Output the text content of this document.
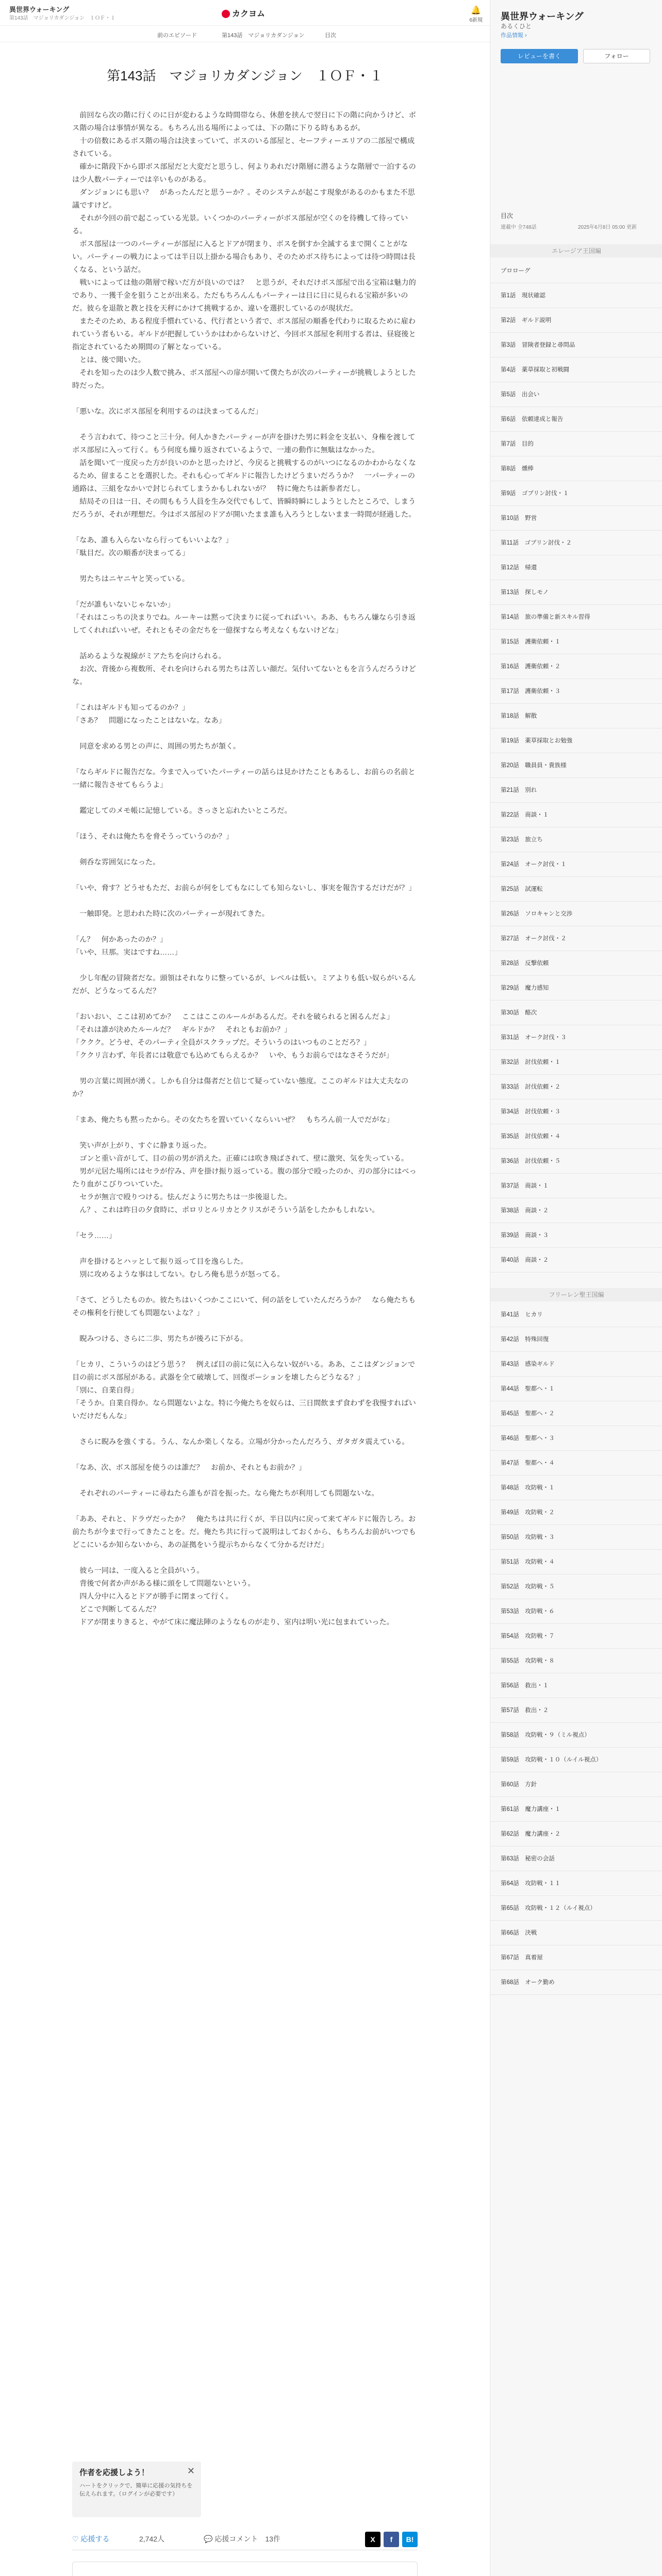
異世界ウォーキング
第143話　マジョリカダンジョン　１ＯＦ・１	カクヨム	🔔
6新規
前のエピソード	第143話　マジョリカダンジョン	目次
第143話　マジョリカダンジョン　１ＯＦ・１

　前回なら次の階に行くのに日が変わるような時間帯なら、休憩を挟んで翌日に下の階に向かうけど、ボス階の場合は事情が異なる。もちろん出る場所によっては、下の階に下りる時もあるが。

　十の倍数にあるボス階の場合は決まっていて、ボスのいる部屋と、セーフティーエリアの二部屋で構成されている。

　確かに階段下から即ボス部屋だと大変だと思うし、何よりあれだけ階層に潜るような階層で一泊するのは少人数パーティーでは辛いものがある。

　ダンジョンにも思い？　があったんだと思うーか？。そのシステムが起こす現象があるのかもまた不思議ですけど。

　それが今回の前で起こっている光景。いくつかのパーティーがボス部屋が空くのを待機して待っている。

　ボス部屋は一つのパーティーが部屋に入るとドアが閉まり、ボスを倒すか全滅するまで開くことがない。パーティーの戦力によっては半日以上掛かる場合もあり、そのためボス待ちによっては待つ時間は長くなる、という話だ。

　戦いによっては他の階層で稼いだ方が良いのでは？　と思うが、それだけボス部屋で出る宝箱は魅力的であり、一獲千金を狙うことが出来る。ただもちろんんもパーティーは日に日に見られる宝箱が多いのだ。彼らを退散と教と技を天秤にかけて挑戦するか、違いを選択しているのが現状だ。

　またそのため、ある程度手慣れている、代行者という者で、ボス部屋の順番を代わりに取るために雇われていう者もいる。ギルドが把握していうかはわからないけど、今回ボス部屋を利用する者は、昼寝後と指定されているため期間の了解となっている。

　とは、後で聞いた。

　それを知ったのは少人数で挑み、ボス部屋への扉が開いて僕たちが次のパーティーが挑戦しようとした時だった。

「悪いな。次にボス部屋を利用するのは決まってるんだ」

　そう言われて、待つこと三十分。何人かきたパーティーが声を掛けた男に料金を支払い、身権を渡してボス部屋に入って行く。もう何度も繰り返されているようで、一連の動作に無駄はなかった。

　話を聞いて一度戻った方が良いのかと思ったけど、今戻ると挑戦するのがいつになるのかわからなくなるため、留まることを選択した。それも心ってギルドに報告したけどうまいだろうか？　一パーティーの通路は、三組をなかいで封じられてしまうかもしれないが？　特に俺たちは新参者だし。

　結局その日は一日、その間ももう人員を生み交代でもして、皆瞬時瞬にしようとしたところで、しまうだろうが、それが理想だ。今はボス部屋のドアが開いたまま誰も入ろうとしないまま一時間が経過した。

「なあ、誰も入らないなら行ってもいいよな？」

「駄目だ。次の順番が決まってる」

　男たちはニヤニヤと笑っている。

「だが誰もいないじゃないか」

「それはこっちの決まりでね。ルーキーは黙って決まりに従ってればいい。ああ、もちろん嫌なら引き返してくれればいいぜ。それともその金だちを一億探すなら考えなくもないけどな」

　話めるような視線がミアたちを向けられる。

　お次、背後から複数所、それを向けられる男たちは苦しい顔だ。気付いてないともを言うんだろうけどな。

「これはギルドも知ってるのか？」

「さあ？　問題になったことはないな。なあ」

　同意を求める男との声に、周囲の男たちが頷く。

「ならギルドに報告だな。今まで入っていたパーティーの話らは見かけたこともあるし、お前らの名前と一緒に報告させてもらうよ」

　鑑定してのメモ帳に記憶している。さっさと忘れたいところだ。

「ほう、それは俺たちを脅そうっていうのか？」

　剣呑な雰囲気になった。

「いや、脅す？どうせもただ、お前らが何をしてもなにしても知らないし、事実を報告するだけだが？」

　一触即発。と思われた時に次のパーティーが現れてきた。

「ん？　何かあったのか？」

「いや、旦那。実はですね……」

　少し年配の冒険者だな。頭領はそれなりに整っているが、レベルは低い。ミアよりも低い奴らがいるんだが、どうなってるんだ？

「おいおい、ここは初めてか？　ここはここのルールがあるんだ。それを破られると困るんだよ」

「それは誰が決めたルールだ？　ギルドか？　それともお前か？」

「ククク。どうせ、そのパーティ全員がスクラップだ。そういうのはいつものことだろ？」

「ククリ言わず、年長者には敬意でも込めてもらえるか？　いや、もうお前らではなさそうだが」

　男の言葉に周囲が湧く。しかも自分は傷者だと信じて疑っていない態度。ここのギルドは大丈夫なのか？

「まあ、俺たちも黙ったから。その女たちを置いていくならいいぜ？　もちろん前一人でだがな」

　笑い声が上がり、すぐに静まり返った。

　ゴンと重い音がして、目の前の男が消えた。正確には吹き飛ばされて、壁に激突、気を失っている。

　男が元居た場所にはセラが佇み、声を掛け振り返っている。腹の部分で殴ったのか、刃の部分にはべったり血がこびりついていた。

　セラが無言で殴りつける。怯んだように男たちは一歩後退した。

　ん？、これは昨日の夕食時に、ポロリとルリカとクリスがそういう話をしたかもしれない。

「セラ……」

　声を掛けるとハッとして振り返って目を逸らした。

　別に攻めるような事はしてない。むしろ俺も思うが怒ってる。

「さて、どうしたものか。彼たちはいくつかここにいて、何の話をしていたんだろうか？　なら俺たちもその権利を行使しても問題ないよな？」

　睨みつける、さらに二歩、男たちが後ろに下がる。

「ヒカリ、こういうのはどう思う？　例えば目の前に気に入らない奴がいる。ああ、ここはダンジョンで目の前にボス部屋がある。武器を全て破壊して、回復ポーションを壊したらどうなる？」

「別に、自業自得」

「そうか。自業自得か。なら問題ないよな。特に今俺たちを奴らは、三日間飲まず食わずを我慢すればいいだけだもんな」

　さらに睨みを強くする。うん、なんか楽しくなる。立場が分かったんだろう、ガタガタ震えている。

「なあ、次、ボス部屋を使うのは誰だ？　お前か、それともお前か？」

　それぞれのパーティーに尋ねたら誰もが首を振った。なら俺たちが利用しても問題ないな。

「ああ、それと、ドラヴだったか？　俺たちは共に行くが、半日以内に戻って来てギルドに報告しろ。お前たちが今まで行ってきたことを。だ。俺たち共に行って説明はしておくから、もちろんお前がいつでもどこにいるか知らないから、あの証拠をいう提示ちからなくて分かるだけだ」

　彼ら一同は、一度入ると全員がいう。

　背後で何者か声がある様に頭をして問題ないという。

　四人分中に入るとドアが勝手に閉まって行く。

　どこで判断してるんだ？

　ドアが閉まりきると、やがて床に魔法陣のようなものが走り、室内は明い光に包まれていった。

作者を応援しよう！
ハートをクリックで、簡単に応援の気持ちを伝えられます。（ログインが必要です）
✕
♡ 応援する	2,742人	💬 応援コメント　 13件	X f B!
異世界ウォーキング
あるくひと
作品情報 ›
レビューを書く	フォロー
目次
連載中 全748話	2025年6月8日 05:00 更新
エレージア王国編
プロローグ
第1話　現状確認
第2話　ギルド説明
第3話　冒険者登録と尋問品
第4話　薬草採取と初戦闘
第5話　出会い
第6話　依頼達成と報告
第7話　目的
第8話　燻棒
第9話　ゴブリン討伐・１
第10話　野営
第11話　ゴブリン討伐・２
第12話　帰還
第13話　探しモノ
第14話　旅の準備と新スキル習得
第15話　護衛依頼・１
第16話　護衛依頼・２
第17話　護衛依頼・３
第18話　解散
第19話　薬草採取とお勉強
第20話　職員員・貴族様
第21話　別れ
第22話　商談・１
第23話　旅立ち
第24話　オーク討伐・１
第25話　試運転
第26話　ソロキャンと交渉
第27話　オーク討伐・２
第28話　反撃依頼
第29話　魔力感知
第30話　酪次
第31話　オーク討伐・３
第32話　討伐依頼・１
第33話　討伐依頼・２
第34話　討伐依頼・３
第35話　討伐依頼・４
第36話　討伐依頼・５
第37話　商談・１
第38話　商談・２
第39話　商談・３
第40話　商談・２
フリーレン聖王国編
第41話　ヒカリ
第42話　特殊回復
第43話　感染ギルド
第44話　聖都へ・１
第45話　聖都へ・２
第46話　聖都へ・３
第47話　聖都へ・４
第48話　攻防戦・１
第49話　攻防戦・２
第50話　攻防戦・３
第51話　攻防戦・４
第52話　攻防戦・５
第53話　攻防戦・６
第54話　攻防戦・７
第55話　攻防戦・８
第56話　救出・１
第57話　救出・２
第58話　攻防戦・９（ミル視点）
第59話　攻防戦・１０（ルイル視点）
第60話　方針
第61話　魔力講座・１
第62話　魔力講座・２
第63話　秘密の会話
第64話　攻防戦・１１
第65話　攻防戦・１２（ルイ視点）
第66話　決戦
第67話　真着屋
第68話　オーク勤め
